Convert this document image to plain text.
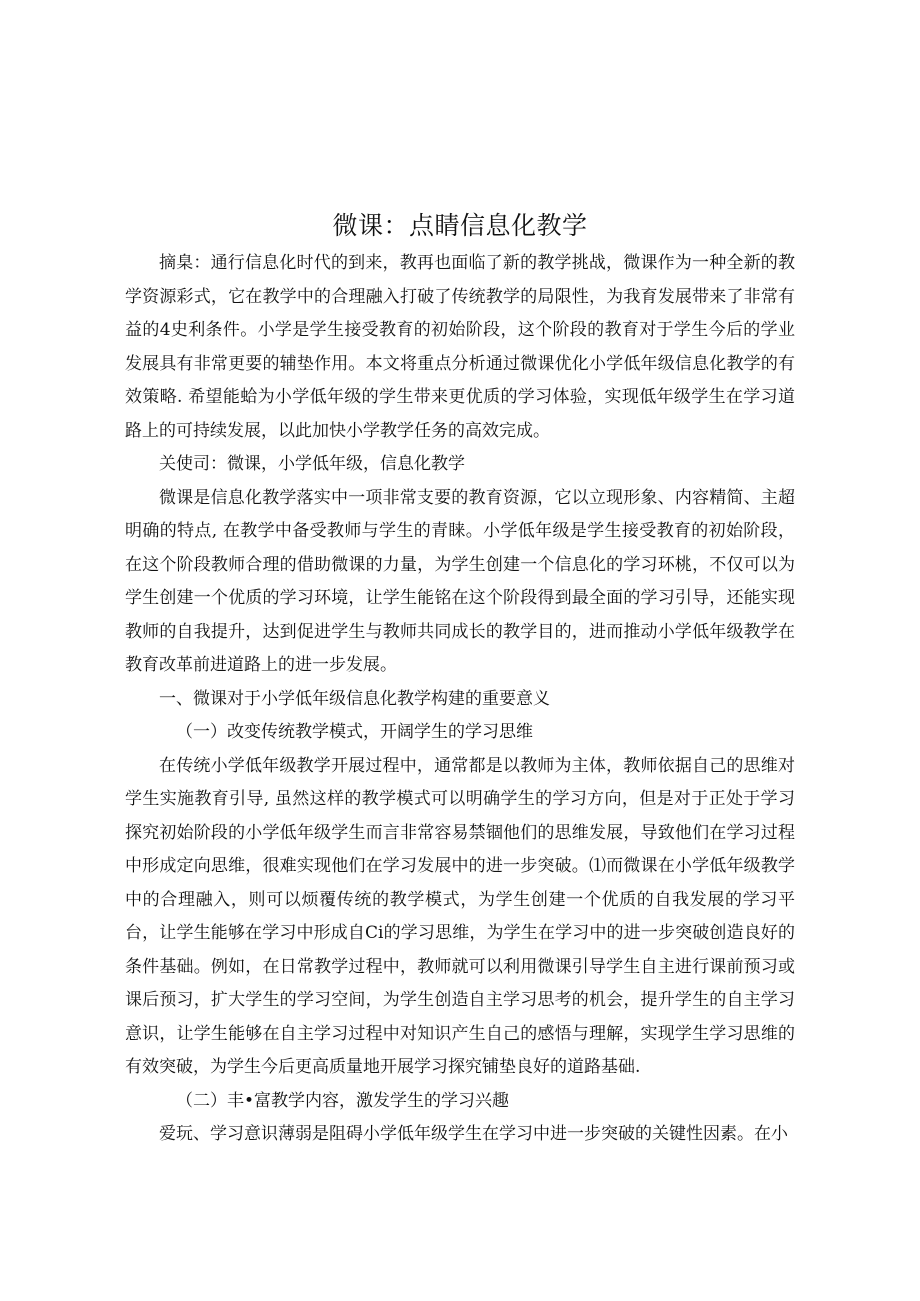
微课：点睛信息化教学

摘臬：通行信息化时代的到来，教再也面临了新的教学挑战，微课作为一种全新的教学资源彩式，它在教学中的合理融入打破了传统教学的局限性，为我育发展带来了非常有益的4史利条件。小学是学生接受教育的初始阶段，这个阶段的教育对于学生今后的学业发展具有非常更要的辅垫作用。本文将重点分析通过微课优化小学低年级信息化教学的有效策略. 希望能蛤为小学低年级的学生带来更优质的学习体验，实现低年级学生在学习道路上的可持续发展，以此加快小学教学任务的高效完成。

关使司：微课，小学低年级，信息化教学

微课是信息化教学落实中一项非常支要的教育资源，它以立现形象、内容精简、主超明确的特点, 在教学中备受教师与学生的青睐。小学低年级是学生接受教育的初始阶段，在这个阶段教师合理的借助微课的力量，为学生创建一个信息化的学习环桃，不仅可以为学生创建一个优质的学习环境，让学生能铭在这个阶段得到最全面的学习引导，还能实现教师的自我提升，达到促进学生与教师共同成长的教学目的，进而推动小学低年级教学在教育改革前进道路上的进一步发展。

一、微课对于小学低年级信息化教学构建的重要意义

（一）改变传统教学模式，开阔学生的学习思维

在传统小学低年级教学开展过程中，通常都是以教师为主体，教师依据自己的思维对学生实施教育引导, 虽然这样的教学模式可以明确学生的学习方向，但是对于正处于学习探究初始阶段的小学低年级学生而言非常容易禁锢他们的思维发展，导致他们在学习过程中形成定向思维，很难实现他们在学习发展中的进一步突破。⑴而微课在小学低年级教学中的合理融入，则可以烦覆传统的教学模式，为学生创建一个优质的自我发展的学习平台，让学生能够在学习中形成自Ci的学习思维，为学生在学习中的进一步突破创造良好的条件基础。例如，在日常教学过程中，教师就可以利用微课引导学生自主进行课前预习或课后预习，扩大学生的学习空间，为学生创造自主学习思考的机会，提升学生的自主学习意识，让学生能够在自主学习过程中对知识产生自己的感悟与理解，实现学生学习思维的有效突破，为学生今后更高质量地开展学习探究铺垫良好的道路基础.

（二）丰•富教学内容，激发学生的学习兴趣

爱玩、学习意识薄弱是阻碍小学低年级学生在学习中进一步突破的关键性因素。在小
